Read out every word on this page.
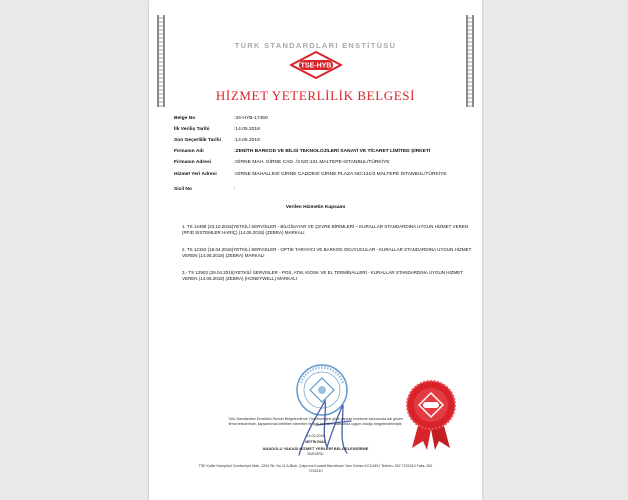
TÜRK STANDARDLARI ENSTİTÜSÜ
TSE-HYB
HİZMET YETERLİLİK BELGESİ
Belge No	:34-HYB-17450
İlk Veriliş Tarihi	:14.05.2018
Son Geçerlilik Tarihi	:14.05.2019
Firmanın Adı	:ZENİTH BARKOD VE BİLGİ TEKNOLOJİLERİ SANAYİ VE TİCARET LİMİTED ŞİRKETİ
Firmanın Adresi	:GİRNE MAH. GİRNE CAD. /3 NO:131 MALTEPE-İSTANBUL/TÜRKİYE
Hizmet Yeri Adresi	:GİRNE MAHALLESİ GİRNE CADDESİ GİRNE PLAZA NO:131/3 MALTEPE İSTANBUL/TÜRKİYE
Sicil No	:
Verilen Hizmetin Kapsamı
1. TS 12498 (23.10.2015)YETKİLİ SERVİSLER - BİLGİSAYAR VE ÇEVRE BİRİMLERİ – KURALLAR STANDARDINA UYGUN HİZMET VEREN (RFID SİSTEMLER HARİÇ) (14.05.2018) (ZEBRA) MARKALI
2. TS 12152 (18.04.2016)YETKİLİ SERVİSLER - OPTİK TARAYICI VE BARKOD OKUYUCULAR - KURALLAR STANDARDINA UYGUN HİZMET VEREN (14.05.2018) (ZEBRA) MARKALI
3.- TS 12903 (29.04.2016)YETKİLİ SERVİSLER - POS, ATM, KİOSK VE EL TERMİNALLERİ - KURALLAR STANDARDINA UYGUN HİZMET VEREN (14.05.2018) (ZEBRA) (HONEYWELL) MARKALI
Türk Standardları Enstitüsü Hizmet Belgelendirme Yönetmeliğine göre yapılan inceleme sonucunda adı geçen
firma tesislerinde, kapsamında belirtilen hizmetler ile ilgili belirtilen standarda uygun olduğu belgelendirilmiştir.
14.05.2018
METİN İNAL
ANADOLU YAKASI HİZMET YERLERİ BELGELENDİRME
MÜDÜRÜ
TSE Kalite Kampüsü Cumhuriyet Mah. 2254 Sk. No:11 A-Blok, Çayırova Kocaeli Baruthane Yanı Gebze-KOCAELİ Telefon: 262 7231510 Faks: 262
7231510
